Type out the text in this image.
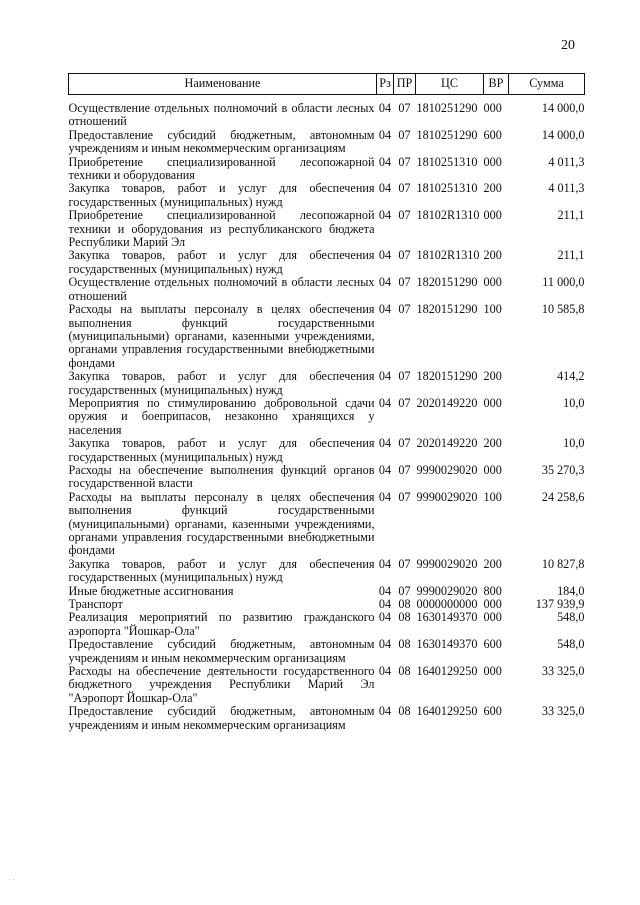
20
Наименование	Рз	ПР	ЦС	ВР	Сумма
Осуществление отдельных полномочий в области лесных отношений	04	07	1810251290	000	14 000,0
Предоставление субсидий бюджетным, автономным учреждениям и иным некоммерческим организациям	04	07	1810251290	600	14 000,0
Приобретение специализированной лесопожарной техники и оборудования	04	07	1810251310	000	4 011,3
Закупка товаров, работ и услуг для обеспечения государственных (муниципальных) нужд	04	07	1810251310	200	4 011,3
Приобретение специализированной лесопожарной техники и оборудования из республиканского бюджета Республики Марий Эл	04	07	18102R1310	000	211,1
Закупка товаров, работ и услуг для обеспечения государственных (муниципальных) нужд	04	07	18102R1310	200	211,1
Осуществление отдельных полномочий в области лесных отношений	04	07	1820151290	000	11 000,0
Расходы на выплаты персоналу в целях обеспечения выполнения функций государственными (муниципальными) органами, казенными учреждениями, органами управления государственными внебюджетными фондами	04	07	1820151290	100	10 585,8
Закупка товаров, работ и услуг для обеспечения государственных (муниципальных) нужд	04	07	1820151290	200	414,2
Мероприятия по стимулированию добровольной сдачи оружия и боеприпасов, незаконно хранящихся у населения	04	07	2020149220	000	10,0
Закупка товаров, работ и услуг для обеспечения государственных (муниципальных) нужд	04	07	2020149220	200	10,0
Расходы на обеспечение выполнения функций органов государственной власти	04	07	9990029020	000	35 270,3
Расходы на выплаты персоналу в целях обеспечения выполнения функций государственными (муниципальными) органами, казенными учреждениями, органами управления государственными внебюджетными фондами	04	07	9990029020	100	24 258,6
Закупка товаров, работ и услуг для обеспечения государственных (муниципальных) нужд	04	07	9990029020	200	10 827,8
Иные бюджетные ассигнования	04	07	9990029020	800	184,0
Транспорт	04	08	0000000000	000	137 939,9
Реализация мероприятий по развитию гражданского аэропорта "Йошкар-Ола"	04	08	1630149370	000	548,0
Предоставление субсидий бюджетным, автономным учреждениям и иным некоммерческим организациям	04	08	1630149370	600	548,0
Расходы на обеспечение деятельности государственного бюджетного учреждения Республики Марий Эл "Аэропорт Йошкар-Ола"	04	08	1640129250	000	33 325,0
Предоставление субсидий бюджетным, автономным учреждениям и иным некоммерческим организациям	04	08	1640129250	600	33 325,0
· ·
